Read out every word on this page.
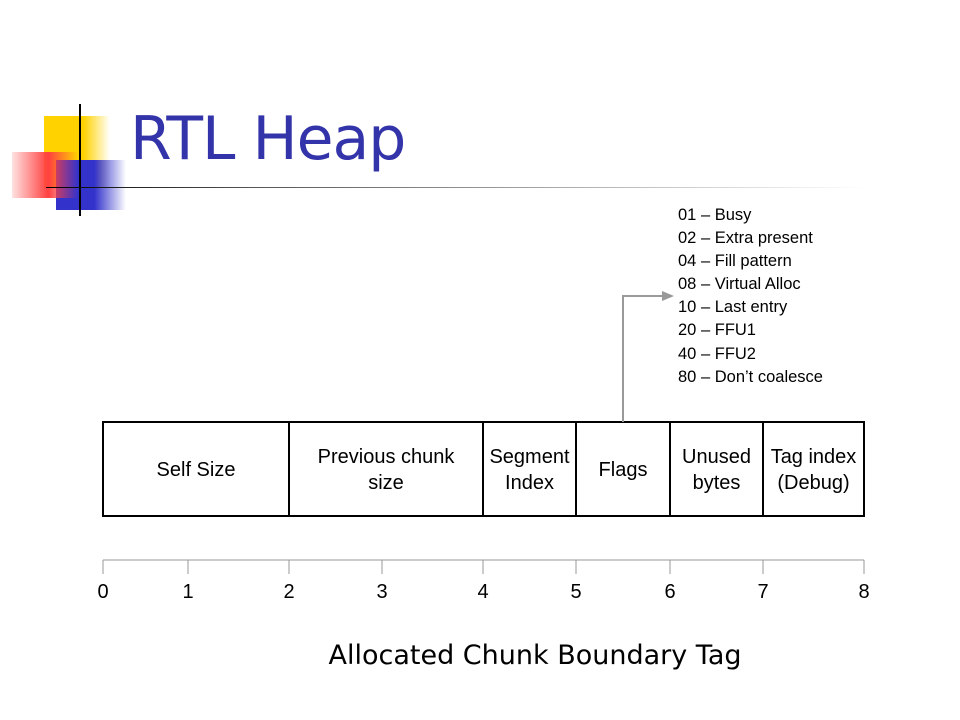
RTL Heap
01 – Busy
02 – Extra present
04 – Fill pattern
08 – Virtual Alloc
10 – Last entry
20 – FFU1
40 – FFU2
80 – Don’t coalesce
Self Size
Previous chunk
size
Segment
Index
Flags
Unused
bytes
Tag index
(Debug)
0	1	2	3	4	5	6	7	8
Allocated Chunk Boundary Tag
